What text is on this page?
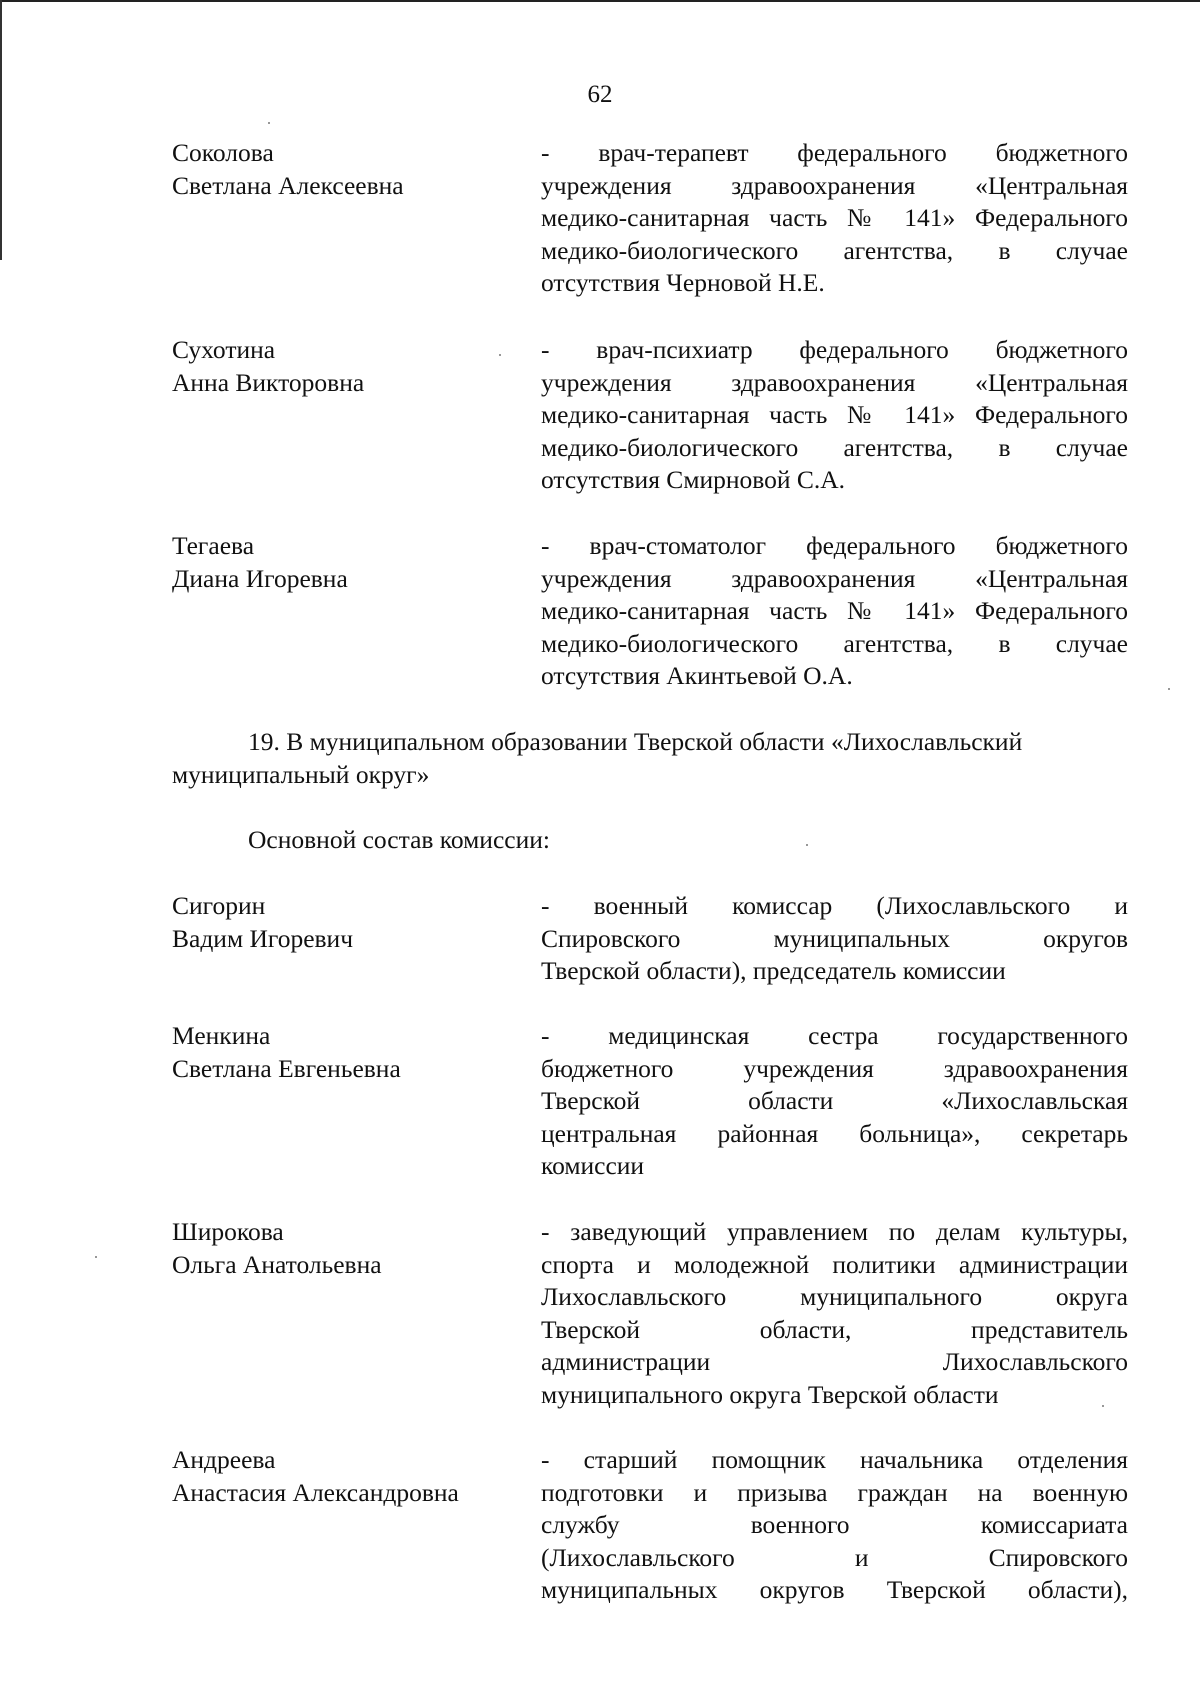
62
Соколова
Светлана Алексеевна
- врач-терапевт федерального бюджетного
учреждения здравоохранения «Центральная
медико-санитарная часть № 141» Федерального
медико-биологического агентства, в случае
отсутствия Черновой Н.Е.
Сухотина
Анна Викторовна
- врач-психиатр федерального бюджетного
учреждения здравоохранения «Центральная
медико-санитарная часть № 141» Федерального
медико-биологического агентства, в случае
отсутствия Смирновой С.А.
Тегаева
Диана Игоревна
- врач-стоматолог федерального бюджетного
учреждения здравоохранения «Центральная
медико-санитарная часть № 141» Федерального
медико-биологического агентства, в случае
отсутствия Акинтьевой О.А.
19. В муниципальном образовании Тверской области «Лихославльский
муниципальный округ»
Основной состав комиссии:
Сигорин
Вадим Игоревич
- военный комиссар (Лихославльского и
Спировского муниципальных округов
Тверской области), председатель комиссии
Менкина
Светлана Евгеньевна
- медицинская сестра государственного
бюджетного учреждения здравоохранения
Тверской области «Лихославльская
центральная районная больница», секретарь
комиссии
Широкова
Ольга Анатольевна
- заведующий управлением по делам культуры,
спорта и молодежной политики администрации
Лихославльского муниципального округа
Тверской области, представитель
администрации Лихославльского
муниципального округа Тверской области
Андреева
Анастасия Александровна
- старший помощник начальника отделения
подготовки и призыва граждан на военную
службу военного комиссариата
(Лихославльского и Спировского
муниципальных округов Тверской области),
